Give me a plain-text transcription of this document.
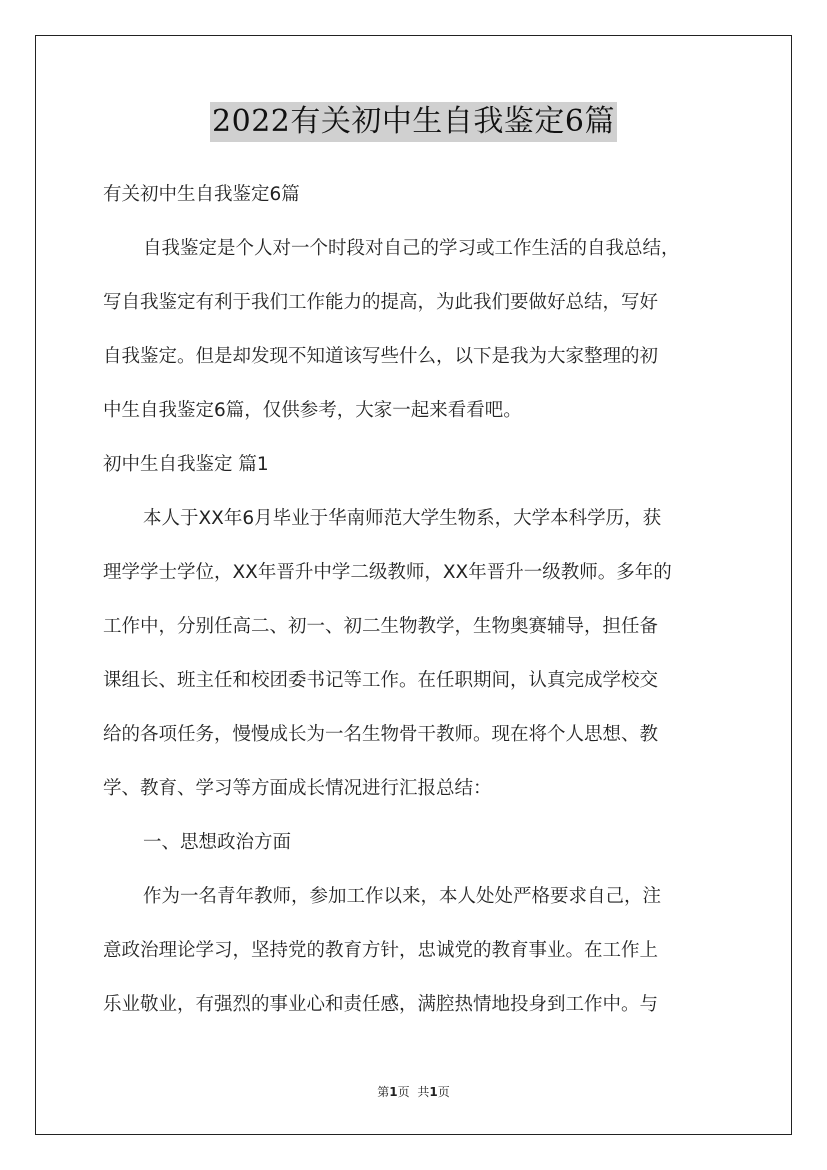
2022有关初中生自我鉴定6篇
有关初中生自我鉴定6篇
自我鉴定是个人对一个时段对自己的学习或工作生活的自我总结，
写自我鉴定有利于我们工作能力的提高，为此我们要做好总结，写好
自我鉴定。但是却发现不知道该写些什么，以下是我为大家整理的初
中生自我鉴定6篇，仅供参考，大家一起来看看吧。
初中生自我鉴定 篇1
本人于XX年6月毕业于华南师范大学生物系，大学本科学历，获
理学学士学位，XX年晋升中学二级教师，XX年晋升一级教师。多年的
工作中，分别任高二、初一、初二生物教学，生物奥赛辅导，担任备
课组长、班主任和校团委书记等工作。在任职期间，认真完成学校交
给的各项任务，慢慢成长为一名生物骨干教师。现在将个人思想、教
学、教育、学习等方面成长情况进行汇报总结：
一、思想政治方面
作为一名青年教师，参加工作以来，本人处处严格要求自己，注
意政治理论学习，坚持党的教育方针，忠诚党的教育事业。在工作上
乐业敬业，有强烈的事业心和责任感，满腔热情地投身到工作中。与
第1页 共1页
